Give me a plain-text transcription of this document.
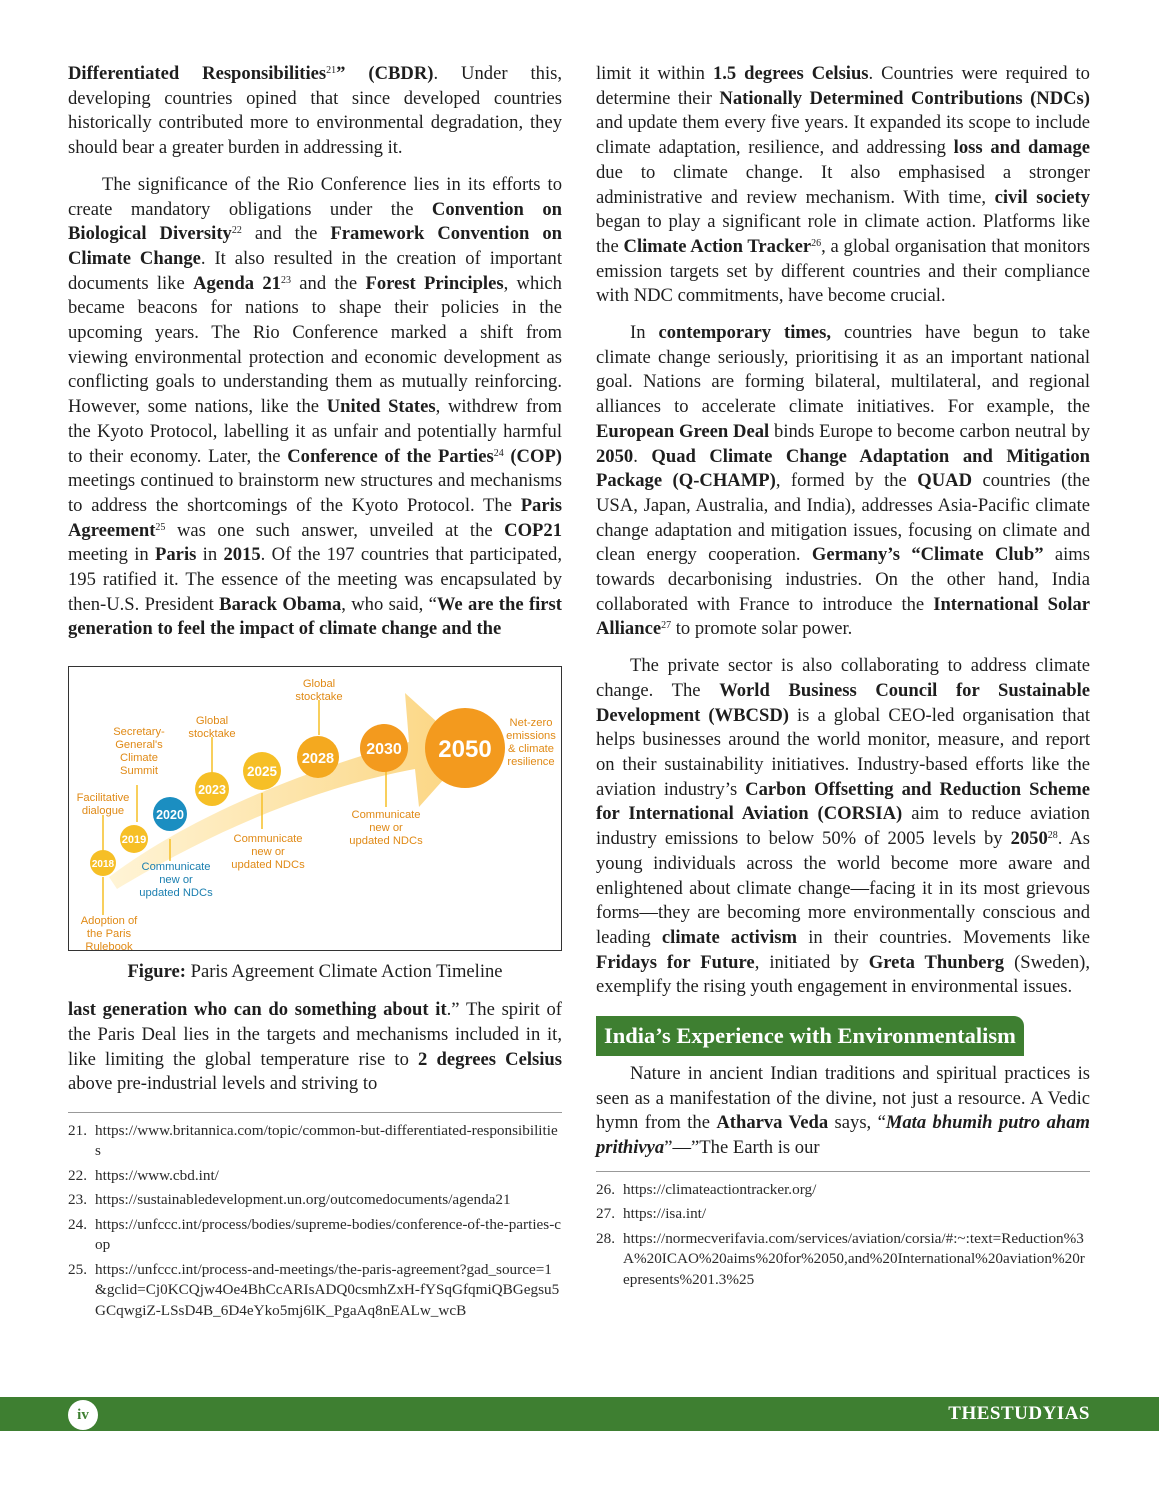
Differentiated Responsibilities$^{21}$” (CBDR). Under this, developing countries opined that since developed countries historically contributed more to environmental degradation, they should bear a greater burden in addressing it.

The significance of the Rio Conference lies in its efforts to create mandatory obligations under the Convention on Biological Diversity$^{22}$ and the Framework Convention on Climate Change. It also resulted in the creation of important documents like Agenda $21^{23}$ and the Forest Principles, which became beacons for nations to shape their policies in the upcoming years. The Rio Conference marked a shift from viewing environmental protection and economic development as conflicting goals to understanding them as mutually reinforcing. However, some nations, like the United States, withdrew from the Kyoto Protocol, labelling it as unfair and potentially harmful to their economy. Later, the Conference of the Parties$^{24}$ (COP) meetings continued to brainstorm new structures and mechanisms to address the shortcomings of the Kyoto Protocol. The Paris Agreement$^{25}$ was one such answer, unveiled at the COP21 meeting in Paris in 2015. Of the 197 countries that participated, 195 ratified it. The essence of the meeting was encapsulated by then-U.S. President Barack Obama, who said, “We are the first generation to feel the impact of climate change and the

2018
2019
2020
2023
2025
2028
2030 2050
Global stocktake
Global stocktake
Secretary-General's Climate Summit
Facilitative dialogue
Net-zero emissions & climate resilience
Communicate new or updated NDCs
Communicate new or updated NDCs
Adoption of the Paris Rulebook
Communicate new or updated NDCs

Figure: Paris Agreement Climate Action Timeline

last generation who can do something about it.” The spirit of the Paris Deal lies in the targets and mechanisms included in it, like limiting the global temperature rise to 2 degrees Celsius above pre-industrial levels and striving to

21. https://www.britannica.com/topic/common-but-differentiated-responsibilities

22. https://www.cbd.int/

23. https://sustainabledevelopment.un.org/outcomedocuments/agenda21

24. https://unfccc.int/process/bodies/supreme-bodies/conference-of-the-parties-cop

25. https://unfccc.int/process-and-meetings/the-paris-agreement?gad_source=1&gclid=Cj0KCQjw4Oe4BhCcARIsADQ0csmhZxH-fYSqGfqmiQBGegsu5GCqwgiZ-LSsD4B_6D4eYko5mj6lK_PgaAq8nEALw_wcB

limit it within 1.5 degrees Celsius. Countries were required to determine their Nationally Determined Contributions (NDCs) and update them every five years. It expanded its scope to include climate adaptation, resilience, and addressing loss and damage due to climate change. It also emphasised a stronger administrative and review mechanism. With time, civil society began to play a significant role in climate action. Platforms like the Climate Action Tracker$^{26}$, a global organisation that monitors emission targets set by different countries and their compliance with NDC commitments, have become crucial.

In contemporary times, countries have begun to take climate change seriously, prioritising it as an important national goal. Nations are forming bilateral, multilateral, and regional alliances to accelerate climate initiatives. For example, the European Green Deal binds Europe to become carbon neutral by 2050. Quad Climate Change Adaptation and Mitigation Package (Q-CHAMP), formed by the QUAD countries (the USA, Japan, Australia, and India), addresses Asia-Pacific climate change adaptation and mitigation issues, focusing on climate and clean energy cooperation. Germany’s “Climate Club” aims towards decarbonising industries. On the other hand, India collaborated with France to introduce the International Solar Alliance$^{27}$ to promote solar power.

The private sector is also collaborating to address climate change. The World Business Council for Sustainable Development (WBCSD) is a global CEO-led organisation that helps businesses around the world monitor, measure, and report on their sustainability initiatives. Industry-based efforts like the aviation industry’s Carbon Offsetting and Reduction Scheme for International Aviation (CORSIA) aim to reduce aviation industry emissions to below 50% of 2005 levels by 2050$^{28}$. As young individuals across the world become more aware and enlightened about climate change—facing it in its most grievous forms—they are becoming more environmentally conscious and leading climate activism in their countries. Movements like Fridays for Future, initiated by Greta Thunberg (Sweden), exemplify the rising youth engagement in environmental issues.

India’s Experience with Environmentalism

Nature in ancient Indian traditions and spiritual practices is seen as a manifestation of the divine, not just a resource. A Vedic hymn from the Atharva Veda says, “Mata bhumih putro aham prithivya”—”The Earth is our

26. https://climateactiontracker.org/

27. https://isa.int/

28. https://normecverifavia.com/services/aviation/corsia/#:~:text=Reduction%3A%20ICAO%20aims%20for%2050,and%20International%20aviation%20represents%201.3%25

iv	THESTUDYIAS
